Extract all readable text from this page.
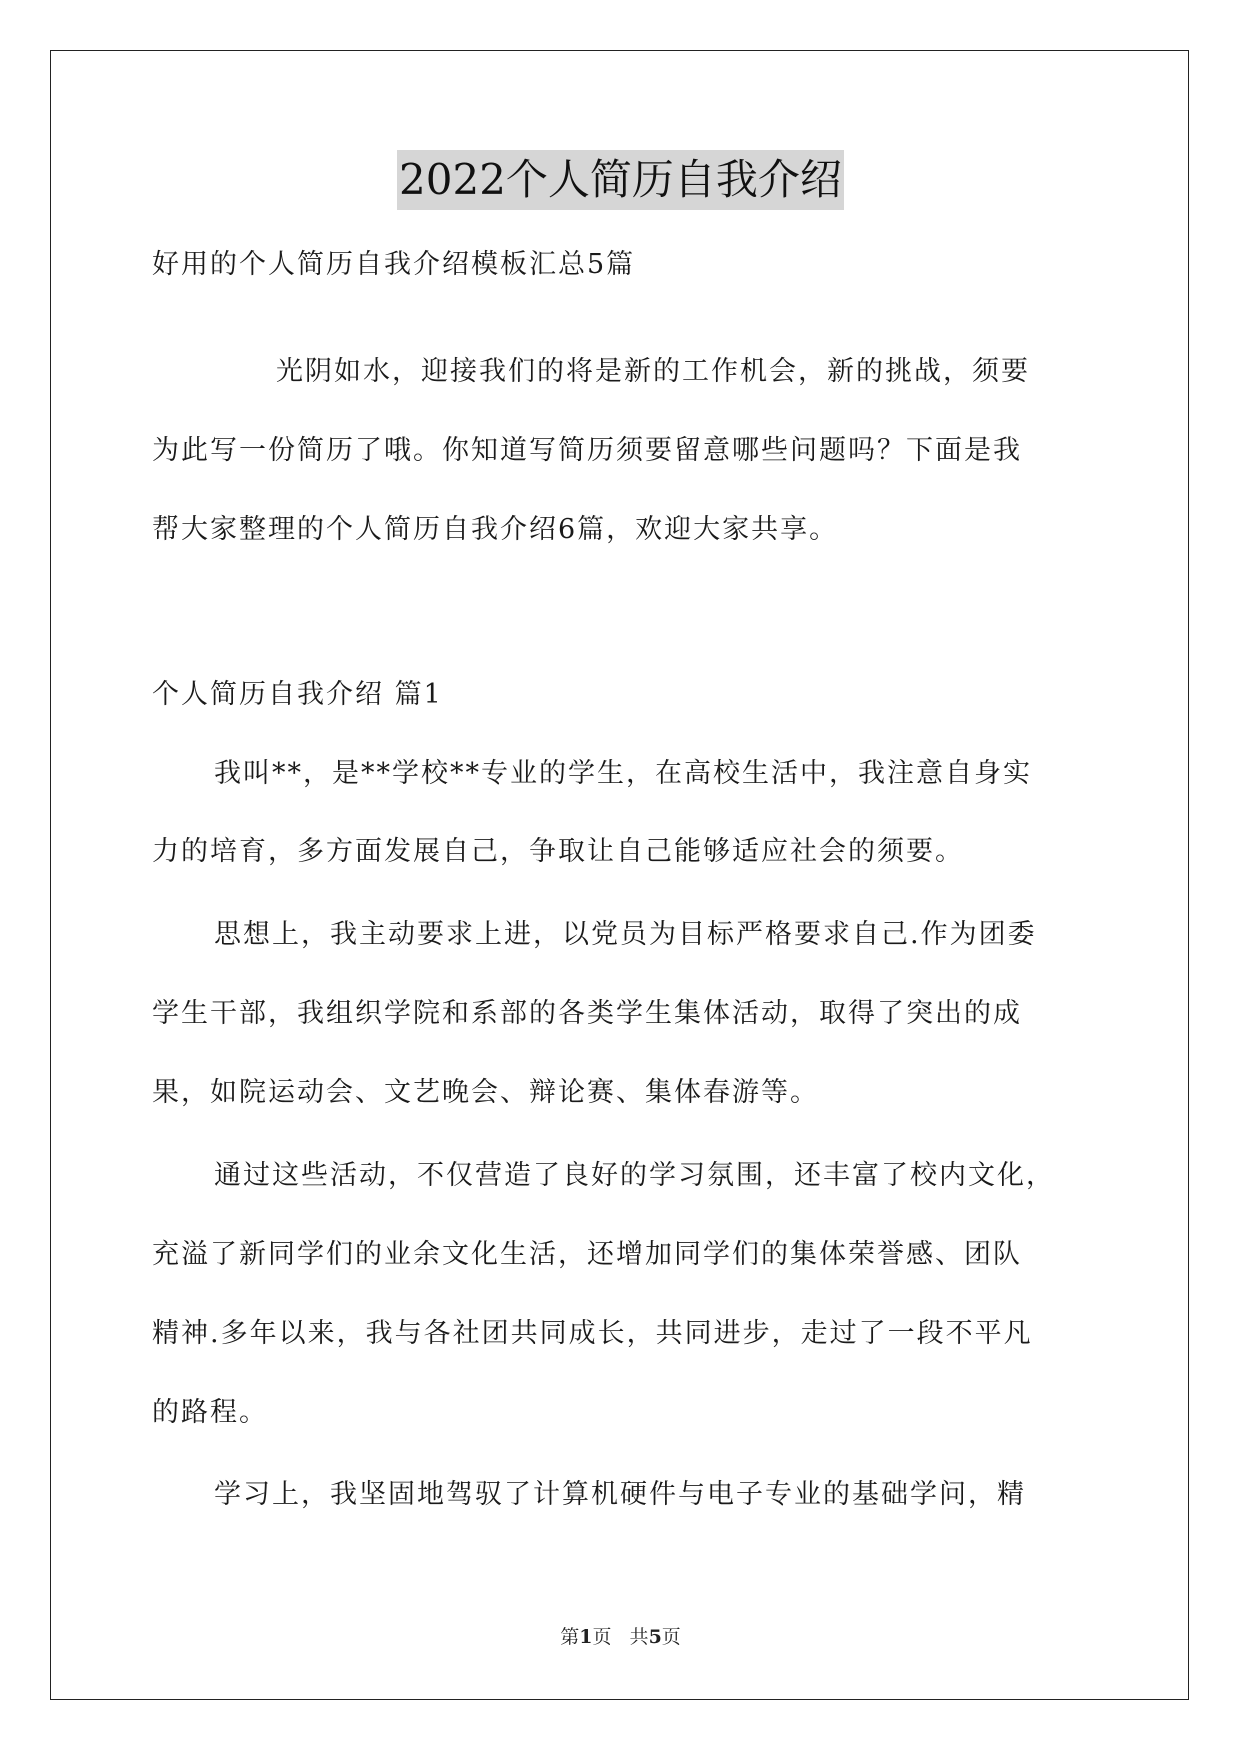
2022个人简历自我介绍
好用的个人简历自我介绍模板汇总5篇
光阴如水，迎接我们的将是新的工作机会，新的挑战，须要
为此写一份简历了哦。你知道写简历须要留意哪些问题吗？下面是我
帮大家整理的个人简历自我介绍6篇，欢迎大家共享。
个人简历自我介绍 篇1
我叫**，是**学校**专业的学生，在高校生活中，我注意自身实
力的培育，多方面发展自己，争取让自己能够适应社会的须要。
思想上，我主动要求上进，以党员为目标严格要求自己.作为团委
学生干部，我组织学院和系部的各类学生集体活动，取得了突出的成
果，如院运动会、文艺晚会、辩论赛、集体春游等。
通过这些活动，不仅营造了良好的学习氛围，还丰富了校内文化，
充溢了新同学们的业余文化生活，还增加同学们的集体荣誉感、团队
精神.多年以来，我与各社团共同成长，共同进步，走过了一段不平凡
的路程。
学习上，我坚固地驾驭了计算机硬件与电子专业的基础学问，精
第1页   共5页
